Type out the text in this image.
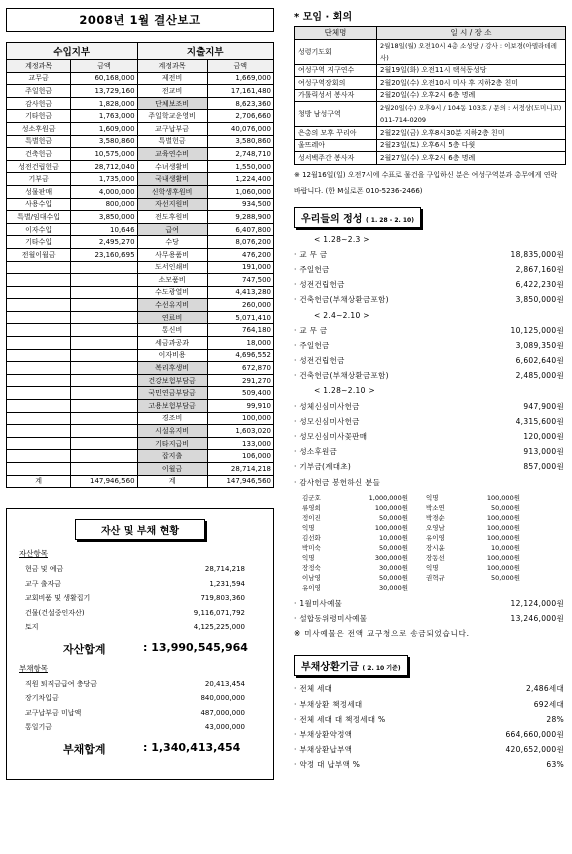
2008년 1월 결산보고
수입지부		지출지부	
계정과목	금액	계정과목	금액
교무금	60,168,000	제전비	1,669,000
주일헌금	13,729,160	전교비	17,161,480
감사헌금	1,828,000	단체보조비	8,623,360
기타헌금	1,763,000	주일학교운영비	2,706,660
성소후원금	1,609,000	교구납부금	40,076,000
특별헌금	3,580,860	특별헌금	3,580,860
건축헌금	10,575,000	교육연수비	2,748,710
성전건립헌금	28,712,040	수녀생활비	1,550,000
기부금	1,735,000	국내생활비	1,224,400
성물판매	4,000,000	신학생후원비	1,060,000
사용수입	800,000	자선지원비	934,500
특별/임대수입	3,850,000	전도후원비	9,288,900
이자수입	10,646	급여	6,407,800
기타수입	2,495,270	수당	8,076,200
전월이월금	23,160,695	사무용품비	476,200
		도서인쇄비	191,000
		소모품비	747,500
		수도광열비	4,413,280
		수선유지비	260,000
		연료비	5,071,410
		통신비	764,180
		세금과공과	18,000
		이자비용	4,696,552
		복리후생비	672,870
		건강보험부담금	291,270
		국민연금부담금	509,400
		고용보험부담금	99,910
		경조비	100,000
		시설유지비	1,603,020
		기타지급비	133,000
		잡지출	106,000
		이월금	28,714,218
계	147,946,560	계	147,946,560
자산 및 부채 현황
자산항목
현금 및 예금	28,714,218
교구 출자금	1,231,594
교회비품 및 생활집기	719,803,360
건물(건설중인자산)	9,116,071,792
토지	4,125,225,000
자산합계	: 13,990,545,964
부채항목
직원 퇴직금급여 충당금	20,413,454
장기차입금	840,000,000
교구납부금 미납액	487,000,000
통일기금	43,000,000
부채합계	: 1,340,413,454
* 모임 · 회의
단체명	일 시 / 장 소
성령기도회	2월18일(월) 오전10시 4층 소성당 / 강사 : 이보경(아델라데레사)
여성구역 지구연수	2월19일(화) 오전11시 택석동성당
여성구역장회의	2월20일(수) 오전10시 미사 후 지하2층 친미
가톨릭성서 봉사자	2월20일(수) 오후2시 6층 명례
청방 남성구역	2월20일(수) 오후9시 / 104동 103호 / 문의 : 서정상(도미니꼬) 011-714-0209
은총의 모후 꾸리아	2월22일(금) 오후8시30분 지하2층 친미
울뜨레아	2월23일(토) 오후6시 5층 다윗
성서백주간 봉사자	2월27일(수) 오후2시 6층 명례
※ 12월16일(일) 오전7시에 수표로 물건을 구입하신 분은 여성구역분과 총무에게 연락 바랍니다. (한 M실로폰 010-5236-2466)
우리들의 정성 ( 1. 28 - 2. 10)
< 1.28~2.3 >
· 교 무 금	18,835,000원
· 주일헌금	2,867,160원
· 성전건립헌금	6,422,230원
· 건축헌금(부채상환금포함)	3,850,000원
< 2.4~2.10 >
· 교 무 금	10,125,000원
· 주일헌금	3,089,350원
· 성전건립헌금	6,602,640원
· 건축헌금(부채상환금포함)	2,485,000원
< 1.28~2.10 >
· 성체신심미사헌금	947,900원
· 성모신심미사헌금	4,315,600원
· 성모신심미사꽃판매	120,000원
· 성소후원금	913,000원
· 기부금(계대초)	857,000원
· 감사헌금 봉헌하신 분들
김군호	1,000,000원	익명	100,000원
류영희	100,000원	박소연	50,000원
정이진	50,000원	박경순	100,000원
익명	100,000원	오영남	100,000원
김선화	10,000원	유이영	100,000원
박미숙	50,000원	장시윤	10,000원
익명	300,000원	장동선	100,000원
장정숙	30,000원	익명	100,000원
이남영	50,000원	권혁규	50,000원
유이영	30,000원
· 1월미사예물	12,124,000원
· 설합동위령미사예물	13,246,000원
※ 미사예물은 전액 교구청으로 송금되었습니다.
부채상환기금 ( 2. 10 기준)
· 전체 세대	2,486세대
· 부채상환 책정세대	692세대
· 전체 세대 대 책정세대 %	28%
· 부채상환약정액	664,660,000원
· 부채상환납부액	420,652,000원
· 약정 대 납부액 %	63%
